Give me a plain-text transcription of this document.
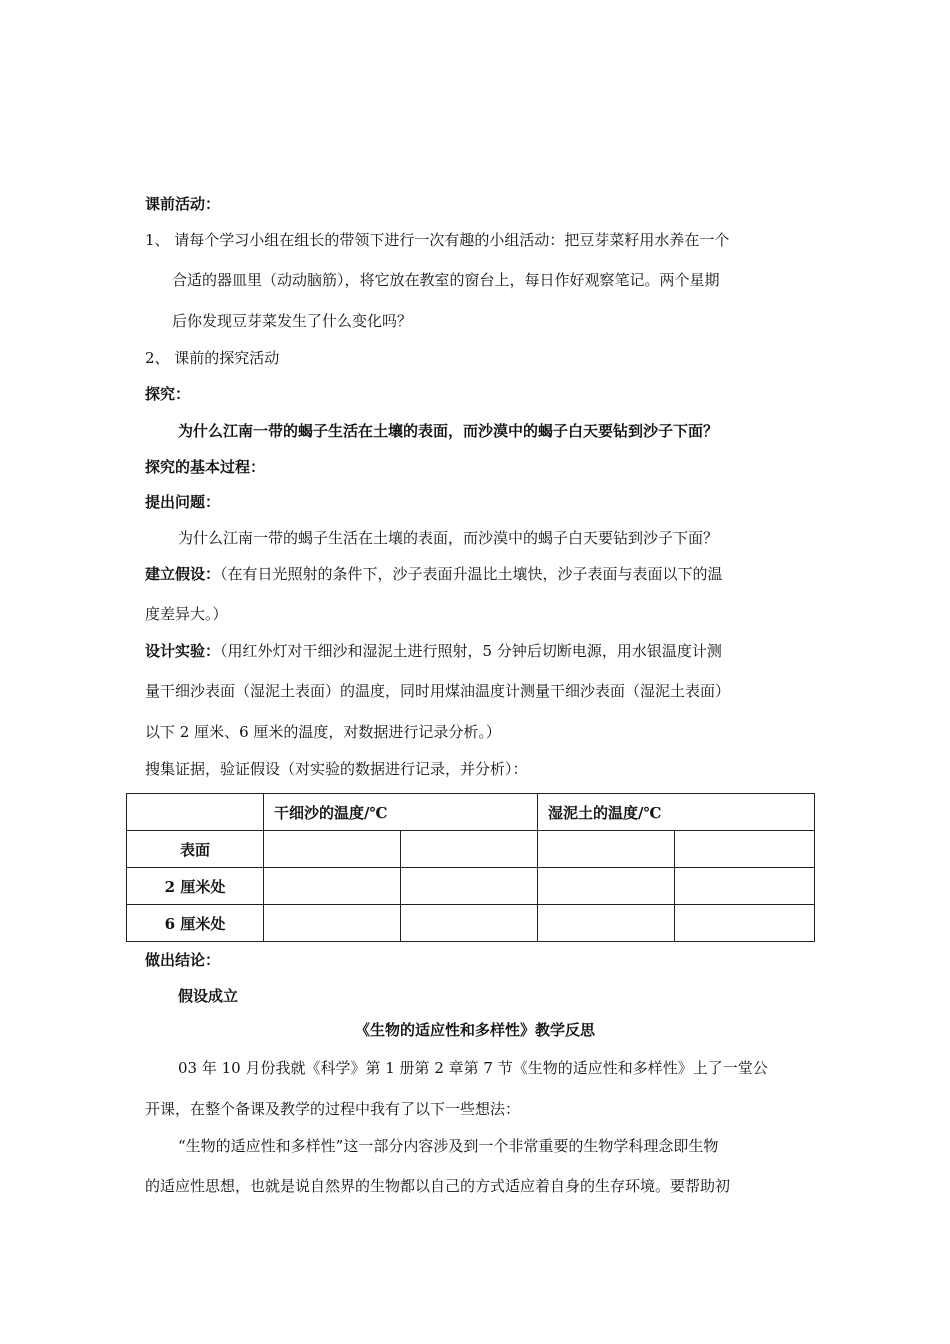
课前活动：
1、 请每个学习小组在组长的带领下进行一次有趣的小组活动：把豆芽菜籽用水养在一个
合适的器皿里（动动脑筋），将它放在教室的窗台上，每日作好观察笔记。两个星期
后你发现豆芽菜发生了什么变化吗？
2、 课前的探究活动
探究：
为什么江南一带的蝎子生活在土壤的表面，而沙漠中的蝎子白天要钻到沙子下面？
探究的基本过程：
提出问题：
为什么江南一带的蝎子生活在土壤的表面，而沙漠中的蝎子白天要钻到沙子下面？
建立假设：（在有日光照射的条件下，沙子表面升温比土壤快，沙子表面与表面以下的温
度差异大。）
设计实验：（用红外灯对干细沙和湿泥土进行照射，5 分钟后切断电源，用水银温度计测
量干细沙表面（湿泥土表面）的温度，同时用煤油温度计测量干细沙表面（湿泥土表面）
以下 2 厘米、6 厘米的温度，对数据进行记录分析。）
搜集证据，验证假设（对实验的数据进行记录，并分析）：
	干细沙的温度/℃		湿泥土的温度/℃	
表面				
2 厘米处				
6 厘米处				
做出结论：
假设成立
《生物的适应性和多样性》教学反思
03 年 10 月份我就《科学》第 1 册第 2 章第 7 节《生物的适应性和多样性》上了一堂公
开课，在整个备课及教学的过程中我有了以下一些想法：
“生物的适应性和多样性”这一部分内容涉及到一个非常重要的生物学科理念即生物
的适应性思想，也就是说自然界的生物都以自己的方式适应着自身的生存环境。要帮助初
